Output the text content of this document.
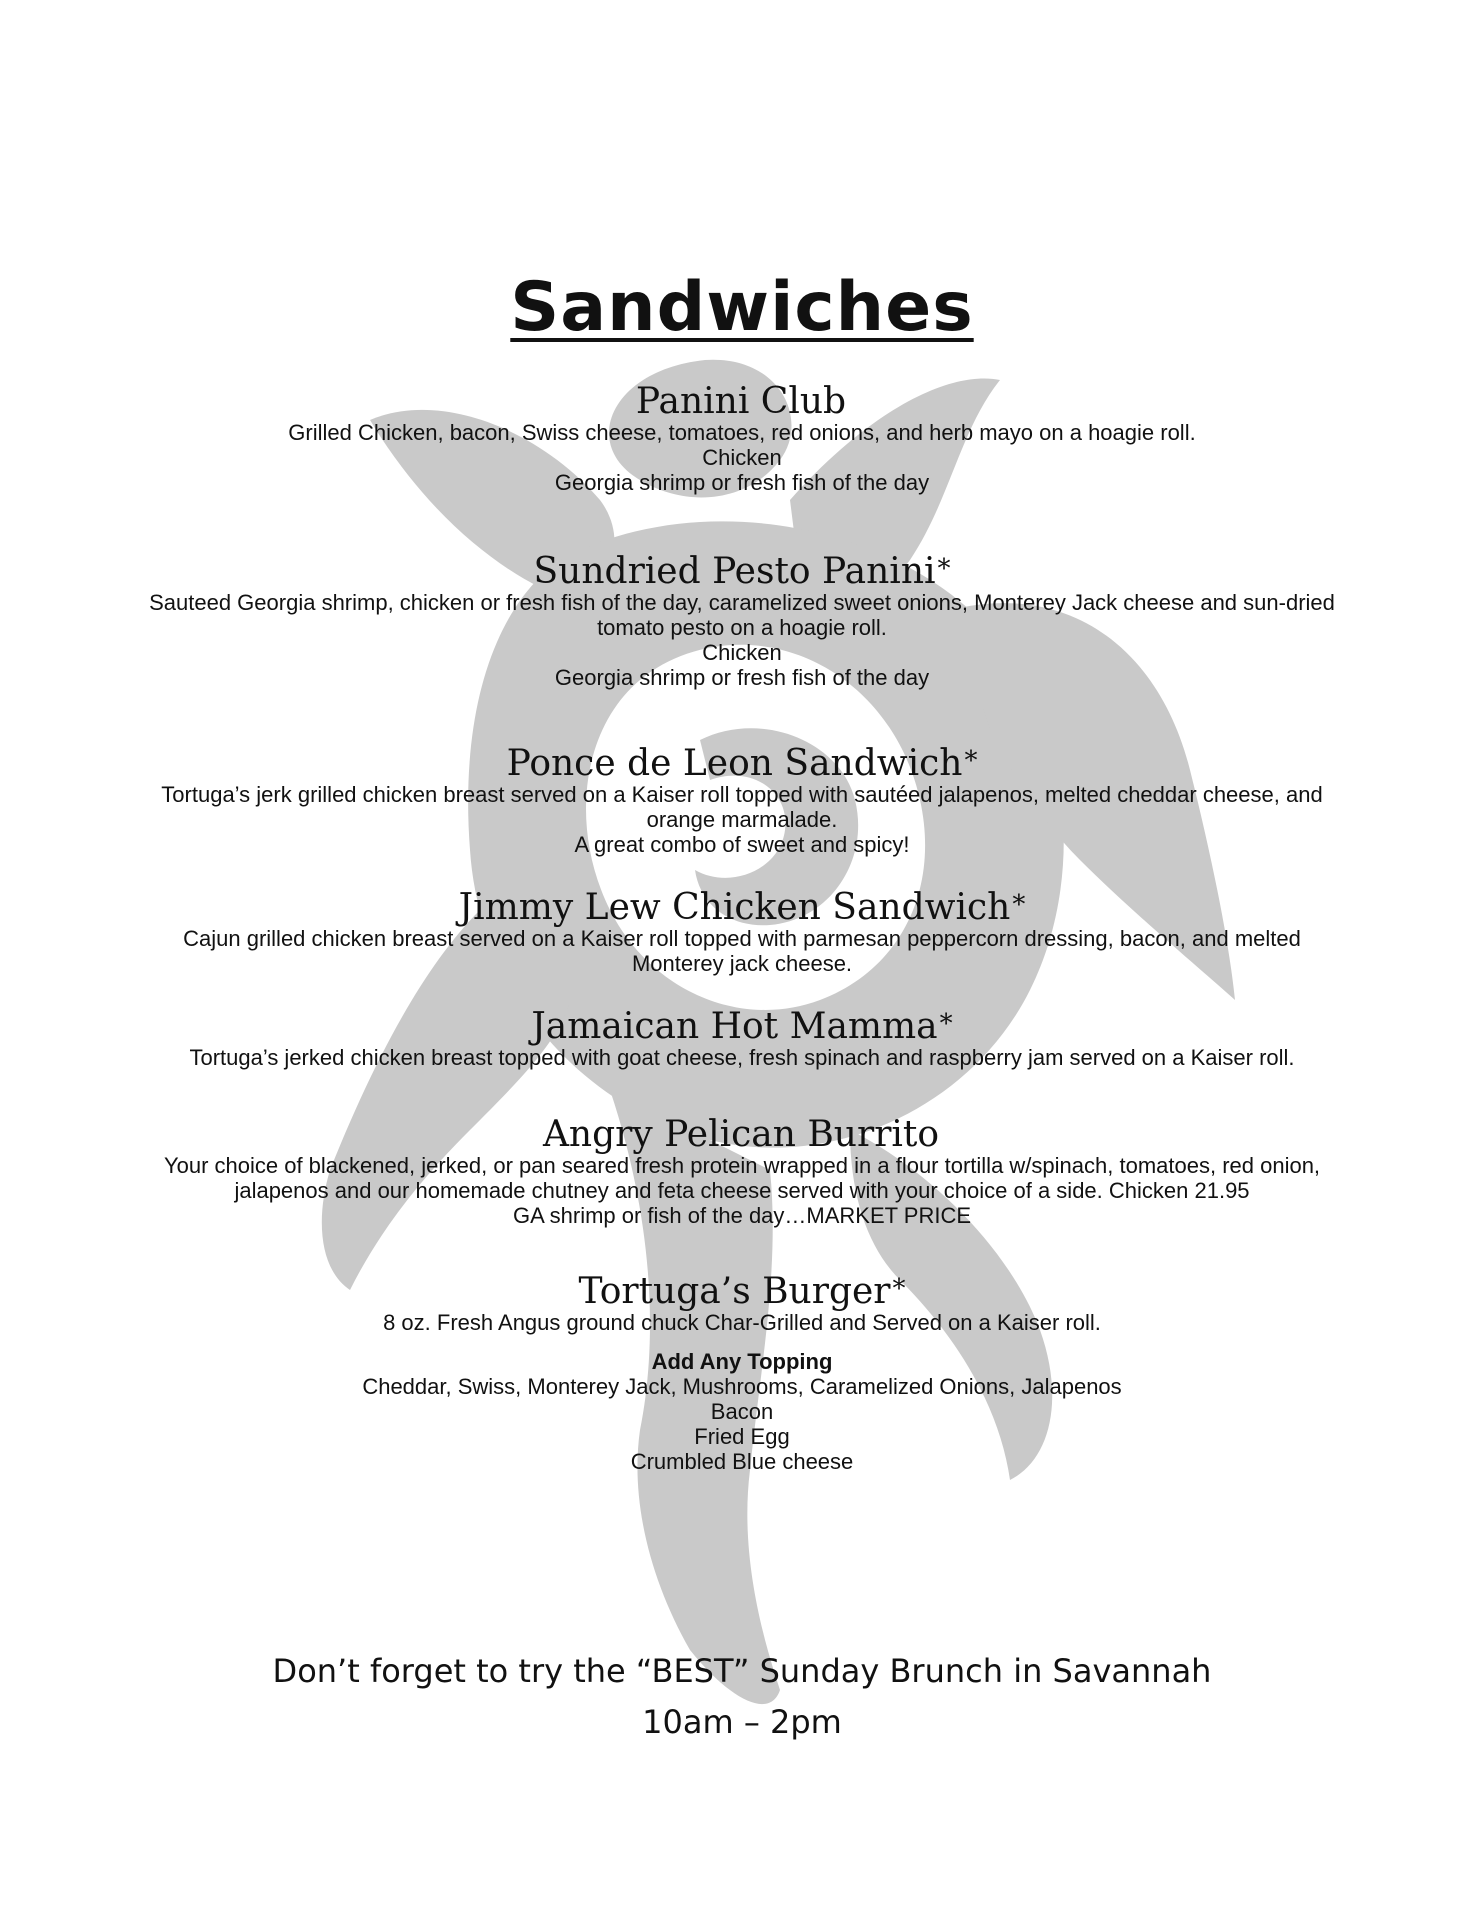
Sandwiches
Panini Club
Grilled Chicken, bacon, Swiss cheese, tomatoes, red onions, and herb mayo on a hoagie roll.
Chicken
Georgia shrimp or fresh fish of the day
Sundried Pesto Panini*
Sauteed Georgia shrimp, chicken or fresh fish of the day, caramelized sweet onions, Monterey Jack cheese and sun-dried
tomato pesto on a hoagie roll.
Chicken
Georgia shrimp or fresh fish of the day
Ponce de Leon Sandwich*
Tortuga’s jerk grilled chicken breast served on a Kaiser roll topped with sautéed jalapenos, melted cheddar cheese, and
orange marmalade.
A great combo of sweet and spicy!
Jimmy Lew Chicken Sandwich*
Cajun grilled chicken breast served on a Kaiser roll topped with parmesan peppercorn dressing, bacon, and melted
Monterey jack cheese.
Jamaican Hot Mamma*
Tortuga’s jerked chicken breast topped with goat cheese, fresh spinach and raspberry jam served on a Kaiser roll.
Angry Pelican Burrito
Your choice of blackened, jerked, or pan seared fresh protein wrapped in a flour tortilla w/spinach, tomatoes, red onion,
jalapenos and our homemade chutney and feta cheese served with your choice of a side. Chicken 21.95
GA shrimp or fish of the day…MARKET PRICE
Tortuga’s Burger*
8 oz. Fresh Angus ground chuck Char-Grilled and Served on a Kaiser roll.
Add Any Topping
Cheddar, Swiss, Monterey Jack, Mushrooms, Caramelized Onions, Jalapenos
Bacon
Fried Egg
Crumbled Blue cheese
Don’t forget to try the “BEST” Sunday Brunch in Savannah
10am – 2pm
